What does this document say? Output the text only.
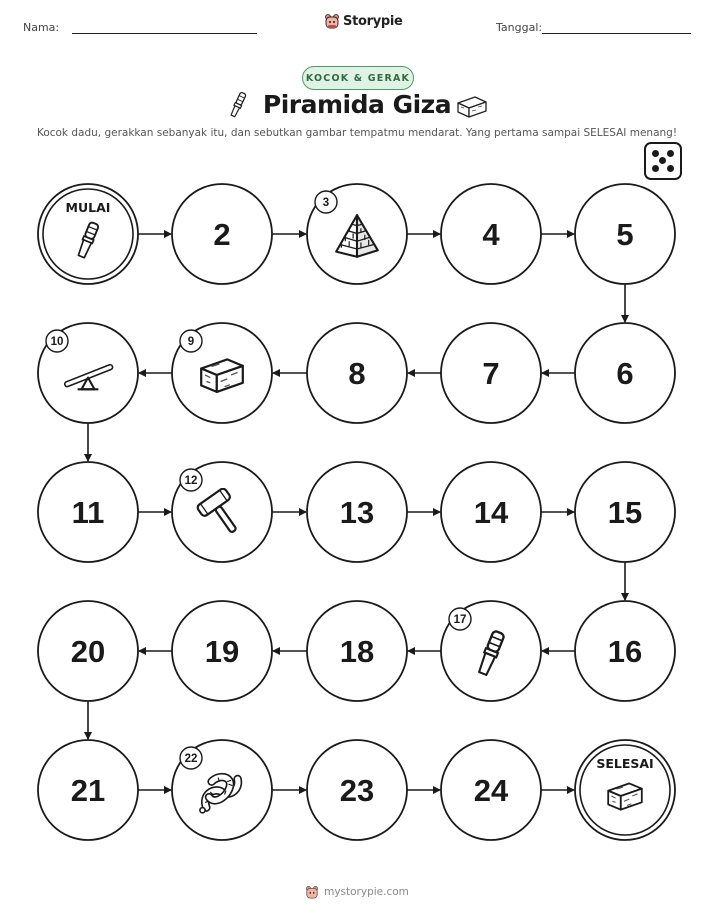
Nama:	Storypie	Tanggal:
KOCOK & GERAK
Piramida Giza
Kocok dadu, gerakkan sebanyak itu, dan sebutkan gambar tempatmu mendarat. Yang pertama sampai SELESAI menang!
MULAI
2
3
4	5
6
7
8
9
10
11
12
13	14	15
16
17
18
19
20
21
22
23	24
SELESAI
mystorypie.com
